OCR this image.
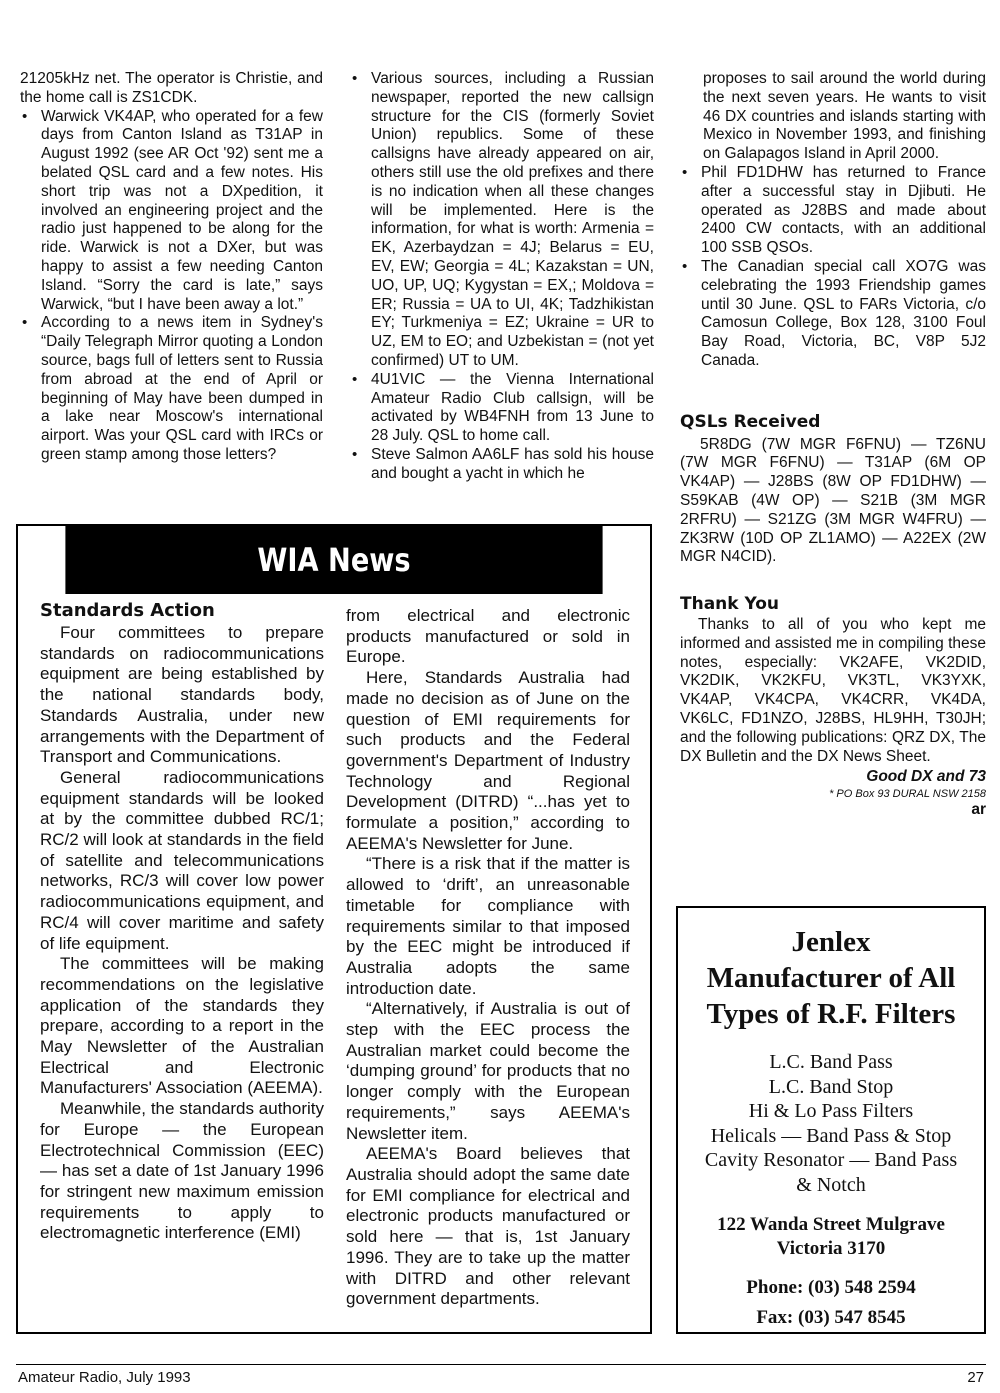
21205kHz net. The operator is Christie, and the home call is ZS1CDK.

• Warwick VK4AP, who operated for a few days from Canton Island as T31AP in August 1992 (see AR Oct '92) sent me a belated QSL card and a few notes. His short trip was not a DXpedition, it involved an engineering project and the radio just happened to be along for the ride. Warwick is not a DXer, but was happy to assist a few needing Canton Island. “Sorry the card is late,” says Warwick, “but I have been away a lot.”

• According to a news item in Sydney's “Daily Telegraph Mirror quoting a London source, bags full of letters sent to Russia from abroad at the end of April or beginning of May have been dumped in a lake near Moscow's international airport. Was your QSL card with IRCs or green stamp among those letters?

• Various sources, including a Russian newspaper, reported the new callsign structure for the CIS (formerly Soviet Union) republics. Some of these callsigns have already appeared on air, others still use the old prefixes and there is no indication when all these changes will be implemented. Here is the information, for what is worth: Armenia = EK, Azerbaydzan = 4J; Belarus = EU, EV, EW; Georgia = 4L; Kazakstan = UN, UO, UP, UQ; Kygystan = EX,; Moldova = ER; Russia = UA to UI, 4K; Tadzhikistan EY; Turkmeniya = EZ; Ukraine = UR to UZ, EM to EO; and Uzbekistan = (not yet confirmed) UT to UM.

• 4U1VIC — the Vienna International Amateur Radio Club callsign, will be activated by WB4FNH from 13 June to 28 July. QSL to home call.

• Steve Salmon AA6LF has sold his house and bought a yacht in which he

proposes to sail around the world during the next seven years. He wants to visit 46 DX countries and islands starting with Mexico in November 1993, and finishing on Galapagos Island in April 2000.

• Phil FD1DHW has returned to France after a successful stay in Djibuti. He operated as J28BS and made about 2400 CW contacts, with an additional 100 SSB QSOs.

• The Canadian special call XO7G was celebrating the 1993 Friendship games until 30 June. QSL to FARs Victoria, c/o Camosun College, Box 128, 3100 Foul Bay Road, Victoria, BC, V8P 5J2 Canada.

QSLs Received

5R8DG (7W MGR F6FNU) — TZ6NU (7W MGR F6FNU) — T31AP (6M OP VK4AP) — J28BS (8W OP FD1DHW) — S59KAB (4W OP) — S21B (3M MGR 2RFRU) — S21ZG (3M MGR W4FRU) — ZK3RW (10D OP ZL1AMO) — A22EX (2W MGR N4CID).

Thank You

Thanks to all of you who kept me informed and assisted me in compiling these notes, especially: VK2AFE, VK2DID, VK2DIK, VK2KFU, VK3TL, VK3YXK, VK4AP, VK4CPA, VK4CRR, VK4DA, VK6LC, FD1NZO, J28BS, HL9HH, T30JH; and the following publications: QRZ DX, The DX Bulletin and the DX News Sheet.

Good DX and 73

* PO Box 93 DURAL NSW 2158

ar

WIA News

Standards Action

Four committees to prepare standards on radiocommunications equipment are being established by the national standards body, Standards Australia, under new arrangements with the Department of Transport and Communications.

General radiocommunications equipment standards will be looked at by the committee dubbed RC/1; RC/2 will look at standards in the field of satellite and telecommunications networks, RC/3 will cover low power radiocommunications equipment, and RC/4 will cover maritime and safety of life equipment.

The committees will be making recommendations on the legislative application of the standards they prepare, according to a report in the May Newsletter of the Australian Electrical and Electronic Manufacturers' Association (AEEMA).

Meanwhile, the standards authority for Europe — the European Electrotechnical Commission (EEC) — has set a date of 1st January 1996 for stringent new maximum emission requirements to apply to electromagnetic interference (EMI)

from electrical and electronic products manufactured or sold in Europe.

Here, Standards Australia had made no decision as of June on the question of EMI requirements for such products and the Federal government's Department of Industry Technology and Regional Development (DITRD) “...has yet to formulate a position,” according to AEEMA's Newsletter for June.

“There is a risk that if the matter is allowed to ‘drift’, an unreasonable timetable for compliance with requirements similar to that imposed by the EEC might be introduced if Australia adopts the same introduction date.

“Alternatively, if Australia is out of step with the EEC process the Australian market could become the ‘dumping ground’ for products that no longer comply with the European requirements,” says AEEMA's Newsletter item.

AEEMA's Board believes that Australia should adopt the same date for EMI compliance for electrical and electronic products manufactured or sold here — that is, 1st January 1996. They are to take up the matter with DITRD and other relevant government departments.

Jenlex
Manufacturer of All
Types of R.F. Filters
L.C. Band Pass
L.C. Band Stop
Hi & Lo Pass Filters
Helicals — Band Pass & Stop
Cavity Resonator — Band Pass
& Notch
122 Wanda Street Mulgrave
Victoria 3170
Phone: (03) 548 2594
Fax: (03) 547 8545
Amateur Radio, July 1993	27
